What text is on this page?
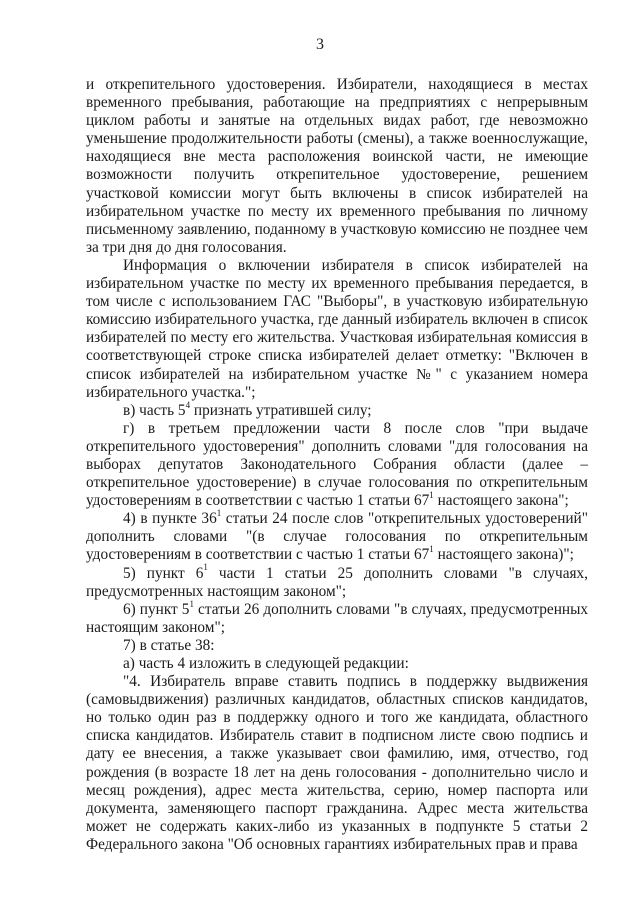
3

и открепительного удостоверения. Избиратели, находящиеся в местах временного пребывания, работающие на предприятиях с непрерывным циклом работы и занятые на отдельных видах работ, где невозможно уменьшение продолжительности работы (смены), а также военнослужащие, находящиеся вне места расположения воинской части, не имеющие возможности получить открепительное удостоверение, решением участковой комиссии могут быть включены в список избирателей на избирательном участке по месту их временного пребывания по личному письменному заявлению, поданному в участковую комиссию не позднее чем за три дня до дня голосования.

Информация о включении избирателя в список избирателей на избирательном участке по месту их временного пребывания передается, в том числе с использованием ГАС "Выборы", в участковую избирательную комиссию избирательного участка, где данный избиратель включен в список избирателей по месту его жительства. Участковая избирательная комиссия в соответствующей строке списка избирателей делает отметку: "Включен в список избирателей на избирательном участке №" с указанием номера избирательного участка.";

в) часть $5^4$ признать утратившей силу;

г) в третьем предложении части 8 после слов "при выдаче открепительного удостоверения" дополнить словами "для голосования на выборах депутатов Законодательного Собрания области (далее – открепительное удостоверение) в случае голосования по открепительным удостоверениям в соответствии с частью 1 статьи $67^1$ настоящего закона";

4) в пункте $36^1$ статьи 24 после слов "открепительных удостоверений" дополнить словами "(в случае голосования по открепительным удостоверениям в соответствии с частью 1 статьи $67^1$ настоящего закона)";

5) пункт $6^1$ части 1 статьи 25 дополнить словами "в случаях, предусмотренных настоящим законом";

6) пункт $5^1$ статьи 26 дополнить словами "в случаях, предусмотренных настоящим законом";

7) в статье 38:

а) часть 4 изложить в следующей редакции:

"4. Избиратель вправе ставить подпись в поддержку выдвижения (самовыдвижения) различных кандидатов, областных списков кандидатов, но только один раз в поддержку одного и того же кандидата, областного списка кандидатов. Избиратель ставит в подписном листе свою подпись и дату ее внесения, а также указывает свои фамилию, имя, отчество, год рождения (в возрасте 18 лет на день голосования - дополнительно число и месяц рождения), адрес места жительства, серию, номер паспорта или документа, заменяющего паспорт гражданина. Адрес места жительства может не содержать каких-либо из указанных в подпункте 5 статьи 2 Федерального закона "Об основных гарантиях избирательных прав и права
